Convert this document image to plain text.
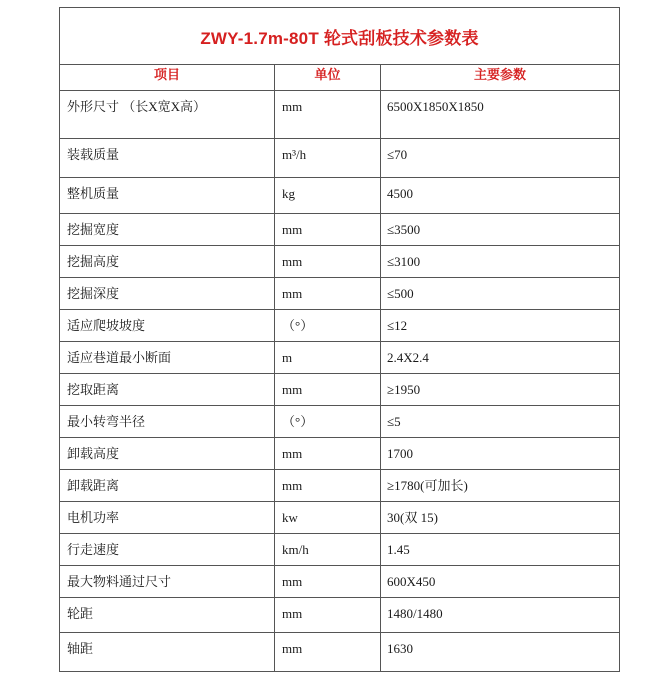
ZWY-1.7m-80T 轮式刮板技术参数表
项目	单位	主要参数
外形尺寸 （长X宽X高）	mm	6500X1850X1850
装载质量	m³/h	≤70
整机质量	kg	4500
挖掘宽度	mm	≤3500
挖掘高度	mm	≤3100
挖掘深度	mm	≤500
适应爬坡坡度	（°）	≤12
适应巷道最小断面	m	2.4X2.4
挖取距离	mm	≥1950
最小转弯半径	（°）	≤5
卸载高度	mm	1700
卸载距离	mm	≥1780(可加长)
电机功率	kw	30(双 15)
行走速度	km/h	1.45
最大物料通过尺寸	mm	600X450
轮距	mm	1480/1480
轴距	mm	1630
